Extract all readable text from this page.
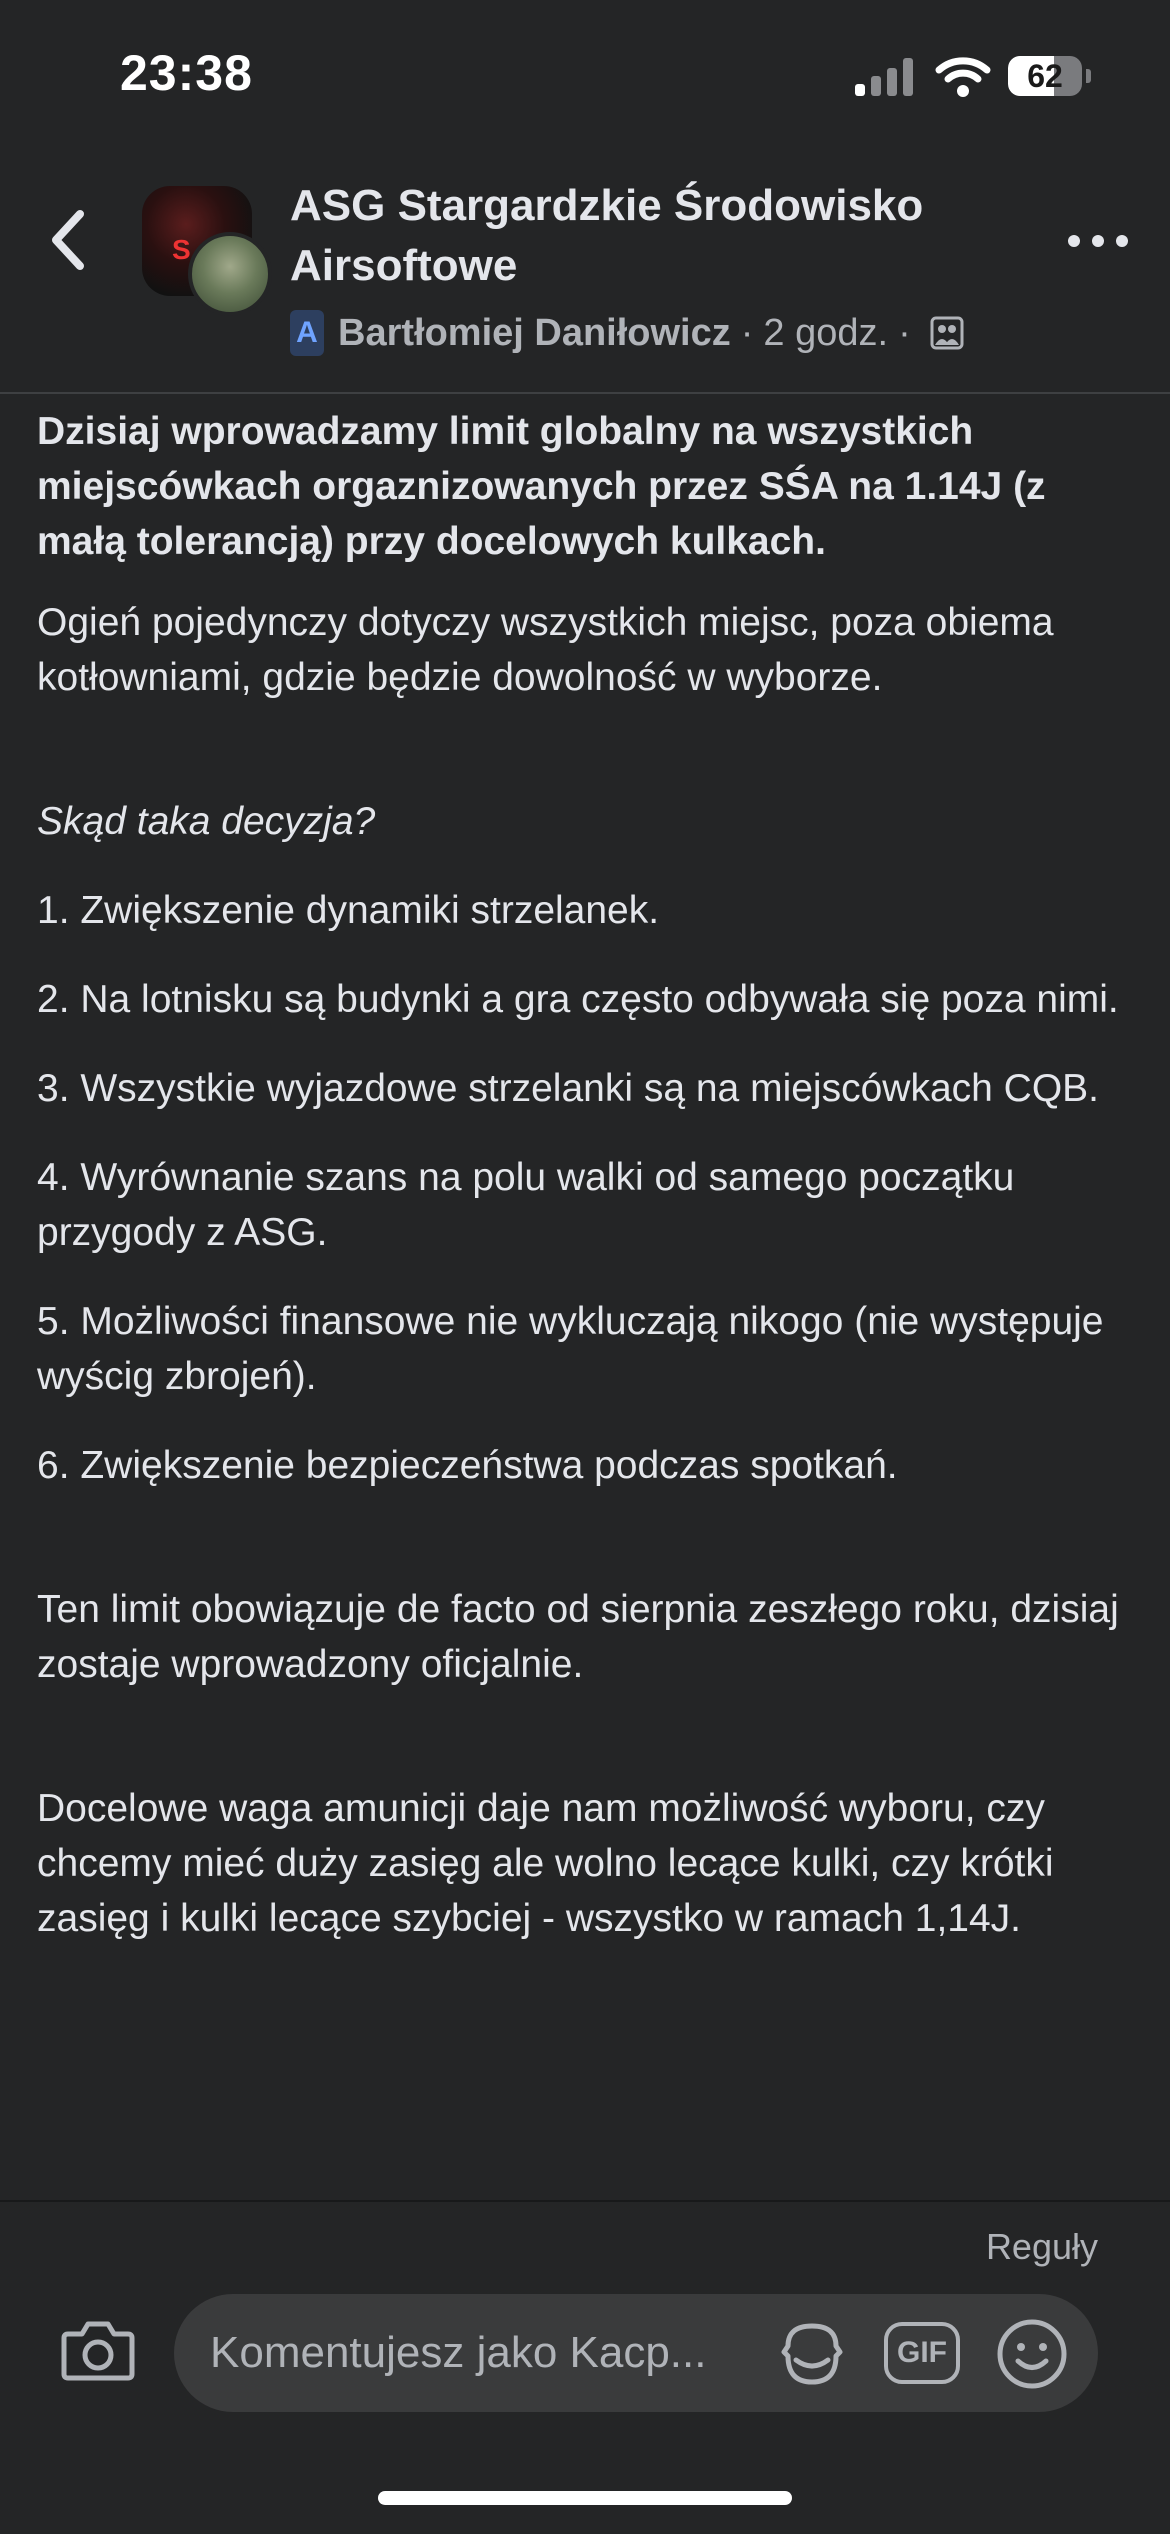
23:38	62
S
ASG Stargardzkie Środowisko Airsoftowe
A Bartłomiej Daniłowicz · 2 godz. ·

Dzisiaj wprowadzamy limit globalny na wszystkich miejscówkach orgaznizowanych przez SŚA na 1.14J (z małą tolerancją) przy docelowych kulkach.

Ogień pojedynczy dotyczy wszystkich miejsc, poza obiema kotłowniami, gdzie będzie dowolność w wyborze.

Skąd taka decyzja?

1. Zwiększenie dynamiki strzelanek.

2. Na lotnisku są budynki a gra często odbywała się poza nimi.

3. Wszystkie wyjazdowe strzelanki są na miejscówkach CQB.

4. Wyrównanie szans na polu walki od samego początku przygody z ASG.

5. Możliwości finansowe nie wykluczają nikogo (nie występuje wyścig zbrojeń).

6. Zwiększenie bezpieczeństwa podczas spotkań.

Ten limit obowiązuje de facto od sierpnia zeszłego roku, dzisiaj zostaje wprowadzony oficjalnie.

Docelowe waga amunicji daje nam możliwość wyboru, czy chcemy mieć duży zasięg ale wolno lecące kulki, czy krótki zasięg i kulki lecące szybciej - wszystko w ramach 1,14J.

Reguły
Komentujesz jako Kacp...	GIF
